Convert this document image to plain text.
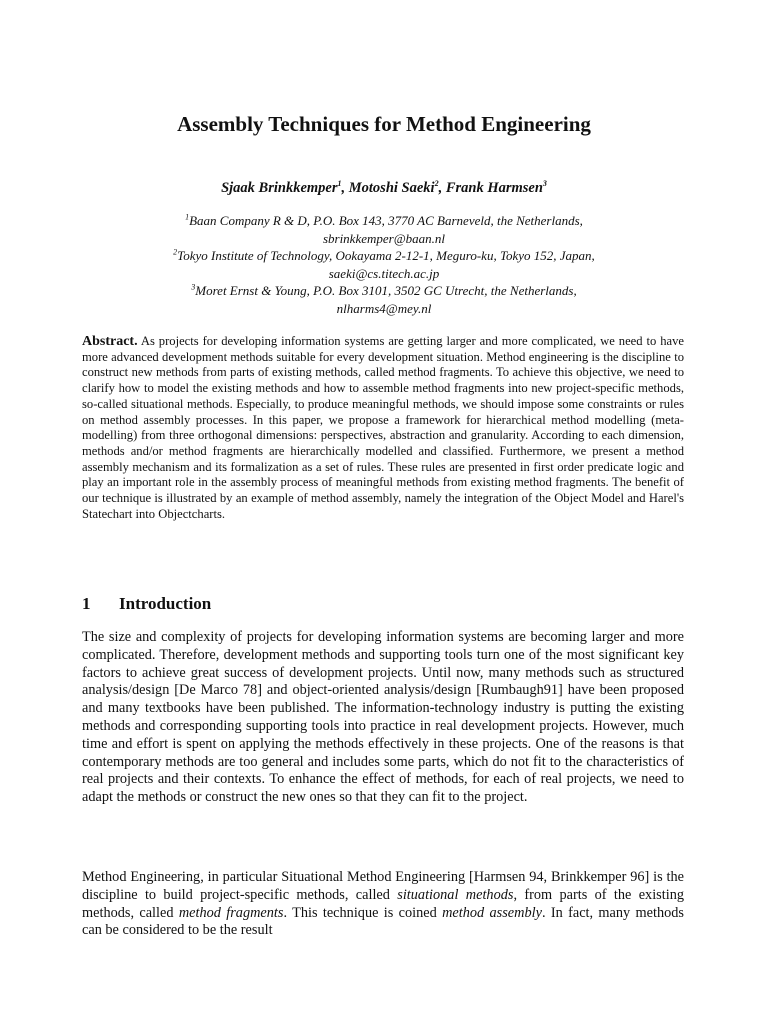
Assembly Techniques for Method Engineering
Sjaak Brinkkemper$^1$, Motoshi Saeki$^2$, Frank Harmsen$^3$
$^1$Baan Company R & D, P.O. Box 143, 3770 AC Barneveld, the Netherlands,
sbrinkkemper@baan.nl
$^2$Tokyo Institute of Technology, Ookayama 2-12-1, Meguro-ku, Tokyo 152, Japan,
saeki@cs.titech.ac.jp
$^3$Moret Ernst & Young, P.O. Box 3101, 3502 GC Utrecht, the Netherlands,
nlharms4@mey.nl

Abstract. As projects for developing information systems are getting larger and more complicated, we need to have more advanced development methods suitable for every development situation. Method engineering is the discipline to construct new methods from parts of existing methods, called method fragments. To achieve this objective, we need to clarify how to model the existing methods and how to assemble method fragments into new project-specific methods, so-called situational methods. Especially, to produce meaningful methods, we should impose some constraints or rules on method assembly processes. In this paper, we propose a framework for hierarchical method modelling (meta-modelling) from three orthogonal dimensions: perspectives, abstraction and granularity. According to each dimension, methods and/or method fragments are hierarchically modelled and classified. Furthermore, we present a method assembly mechanism and its formalization as a set of rules. These rules are presented in first order predicate logic and play an important role in the assembly process of meaningful methods from existing method fragments. The benefit of our technique is illustrated by an example of method assembly, namely the integration of the Object Model and Harel's Statechart into Objectcharts.

1 Introduction

The size and complexity of projects for developing information systems are becoming larger and more complicated. Therefore, development methods and supporting tools turn one of the most significant key factors to achieve great success of development projects. Until now, many methods such as structured analysis/design [De Marco 78] and object-oriented analysis/design [Rumbaugh91] have been proposed and many textbooks have been published. The information-technology industry is putting the existing methods and corresponding supporting tools into practice in real development projects. However, much time and effort is spent on applying the methods effectively in these projects. One of the reasons is that contemporary methods are too general and includes some parts, which do not fit to the characteristics of real projects and their contexts. To enhance the effect of methods, for each of real projects, we need to adapt the methods or construct the new ones so that they can fit to the project.

Method Engineering, in particular Situational Method Engineering [Harmsen 94, Brinkkemper 96] is the discipline to build project-specific methods, called situational methods, from parts of the existing methods, called method fragments. This technique is coined method assembly. In fact, many methods can be considered to be the result
